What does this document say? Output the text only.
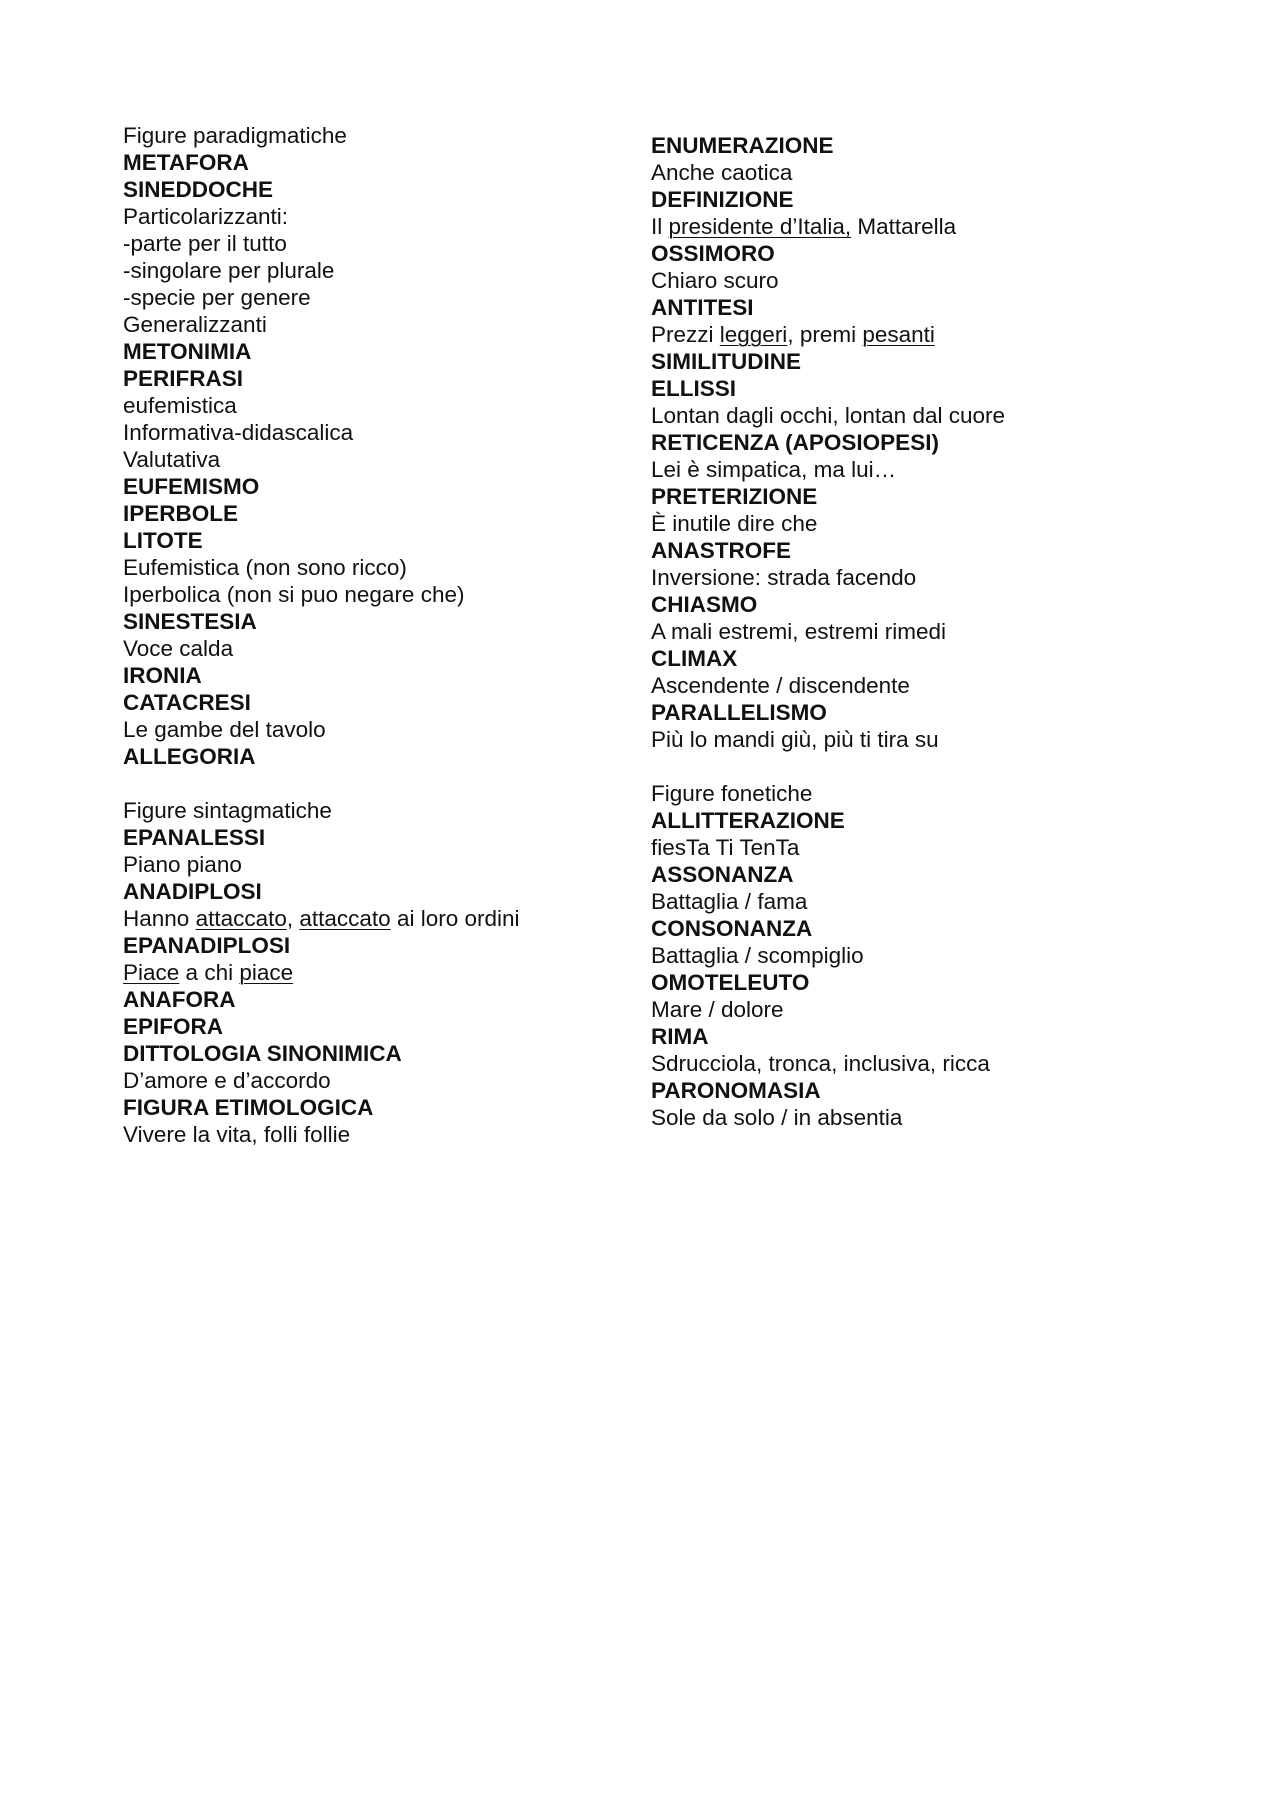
Figure paradigmatiche
METAFORA
SINEDDOCHE
Particolarizzanti:
-parte per il tutto
-singolare per plurale
-specie per genere
Generalizzanti
METONIMIA
PERIFRASI
eufemistica
Informativa-didascalica
Valutativa
EUFEMISMO
IPERBOLE
LITOTE
Eufemistica (non sono ricco)
Iperbolica (non si puo negare che)
SINESTESIA
Voce calda
IRONIA
CATACRESI
Le gambe del tavolo
ALLEGORIA
Figure sintagmatiche
EPANALESSI
Piano piano
ANADIPLOSI
Hanno attaccato, attaccato ai loro ordini
EPANADIPLOSI
Piace a chi piace
ANAFORA
EPIFORA
DITTOLOGIA SINONIMICA
D’amore e d’accordo
FIGURA ETIMOLOGICA
Vivere la vita, folli follie
ENUMERAZIONE
Anche caotica
DEFINIZIONE
Il presidente d’Italia, Mattarella
OSSIMORO
Chiaro scuro
ANTITESI
Prezzi leggeri, premi pesanti
SIMILITUDINE
ELLISSI
Lontan dagli occhi, lontan dal cuore
RETICENZA (APOSIOPESI)
Lei è simpatica, ma lui…
PRETERIZIONE
È inutile dire che
ANASTROFE
Inversione: strada facendo
CHIASMO
A mali estremi, estremi rimedi
CLIMAX
Ascendente / discendente
PARALLELISMO
Più lo mandi giù, più ti tira su
Figure fonetiche
ALLITTERAZIONE
fiesTa Ti TenTa
ASSONANZA
Battaglia / fama
CONSONANZA
Battaglia / scompiglio
OMOTELEUTO
Mare / dolore
RIMA
Sdrucciola, tronca, inclusiva, ricca
PARONOMASIA
Sole da solo / in absentia
